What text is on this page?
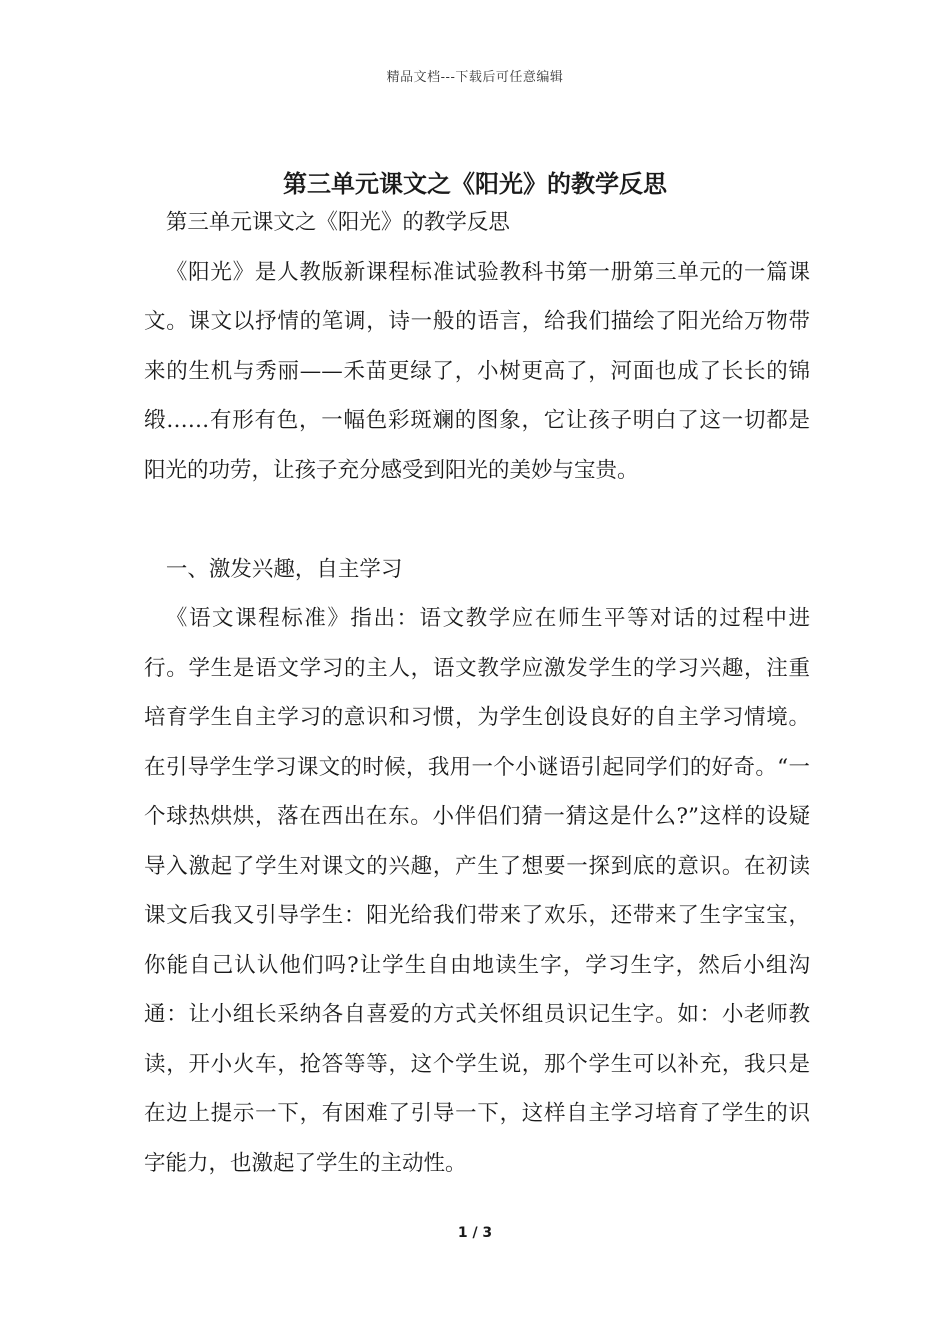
精品文档---下载后可任意编辑
第三单元课文之《阳光》的教学反思

第三单元课文之《阳光》的教学反思

《阳光》是人教版新课程标准试验教科书第一册第三单元的一篇课文。课文以抒情的笔调，诗一般的语言，给我们描绘了阳光给万物带来的生机与秀丽——禾苗更绿了，小树更高了，河面也成了长长的锦缎……有形有色，一幅色彩斑斓的图象，它让孩子明白了这一切都是阳光的功劳，让孩子充分感受到阳光的美妙与宝贵。

一、激发兴趣，自主学习

《语文课程标准》指出：语文教学应在师生平等对话的过程中进行。学生是语文学习的主人，语文教学应激发学生的学习兴趣，注重培育学生自主学习的意识和习惯，为学生创设良好的自主学习情境。在引导学生学习课文的时候，我用一个小谜语引起同学们的好奇。“一个球热烘烘，落在西出在东。小伴侣们猜一猜这是什么?”这样的设疑导入激起了学生对课文的兴趣，产生了想要一探到底的意识。在初读课文后我又引导学生：阳光给我们带来了欢乐，还带来了生字宝宝，你能自己认认他们吗?让学生自由地读生字，学习生字，然后小组沟通：让小组长采纳各自喜爱的方式关怀组员识记生字。如：小老师教读，开小火车，抢答等等，这个学生说，那个学生可以补充，我只是在边上提示一下，有困难了引导一下，这样自主学习培育了学生的识字能力，也激起了学生的主动性。

1 / 3
